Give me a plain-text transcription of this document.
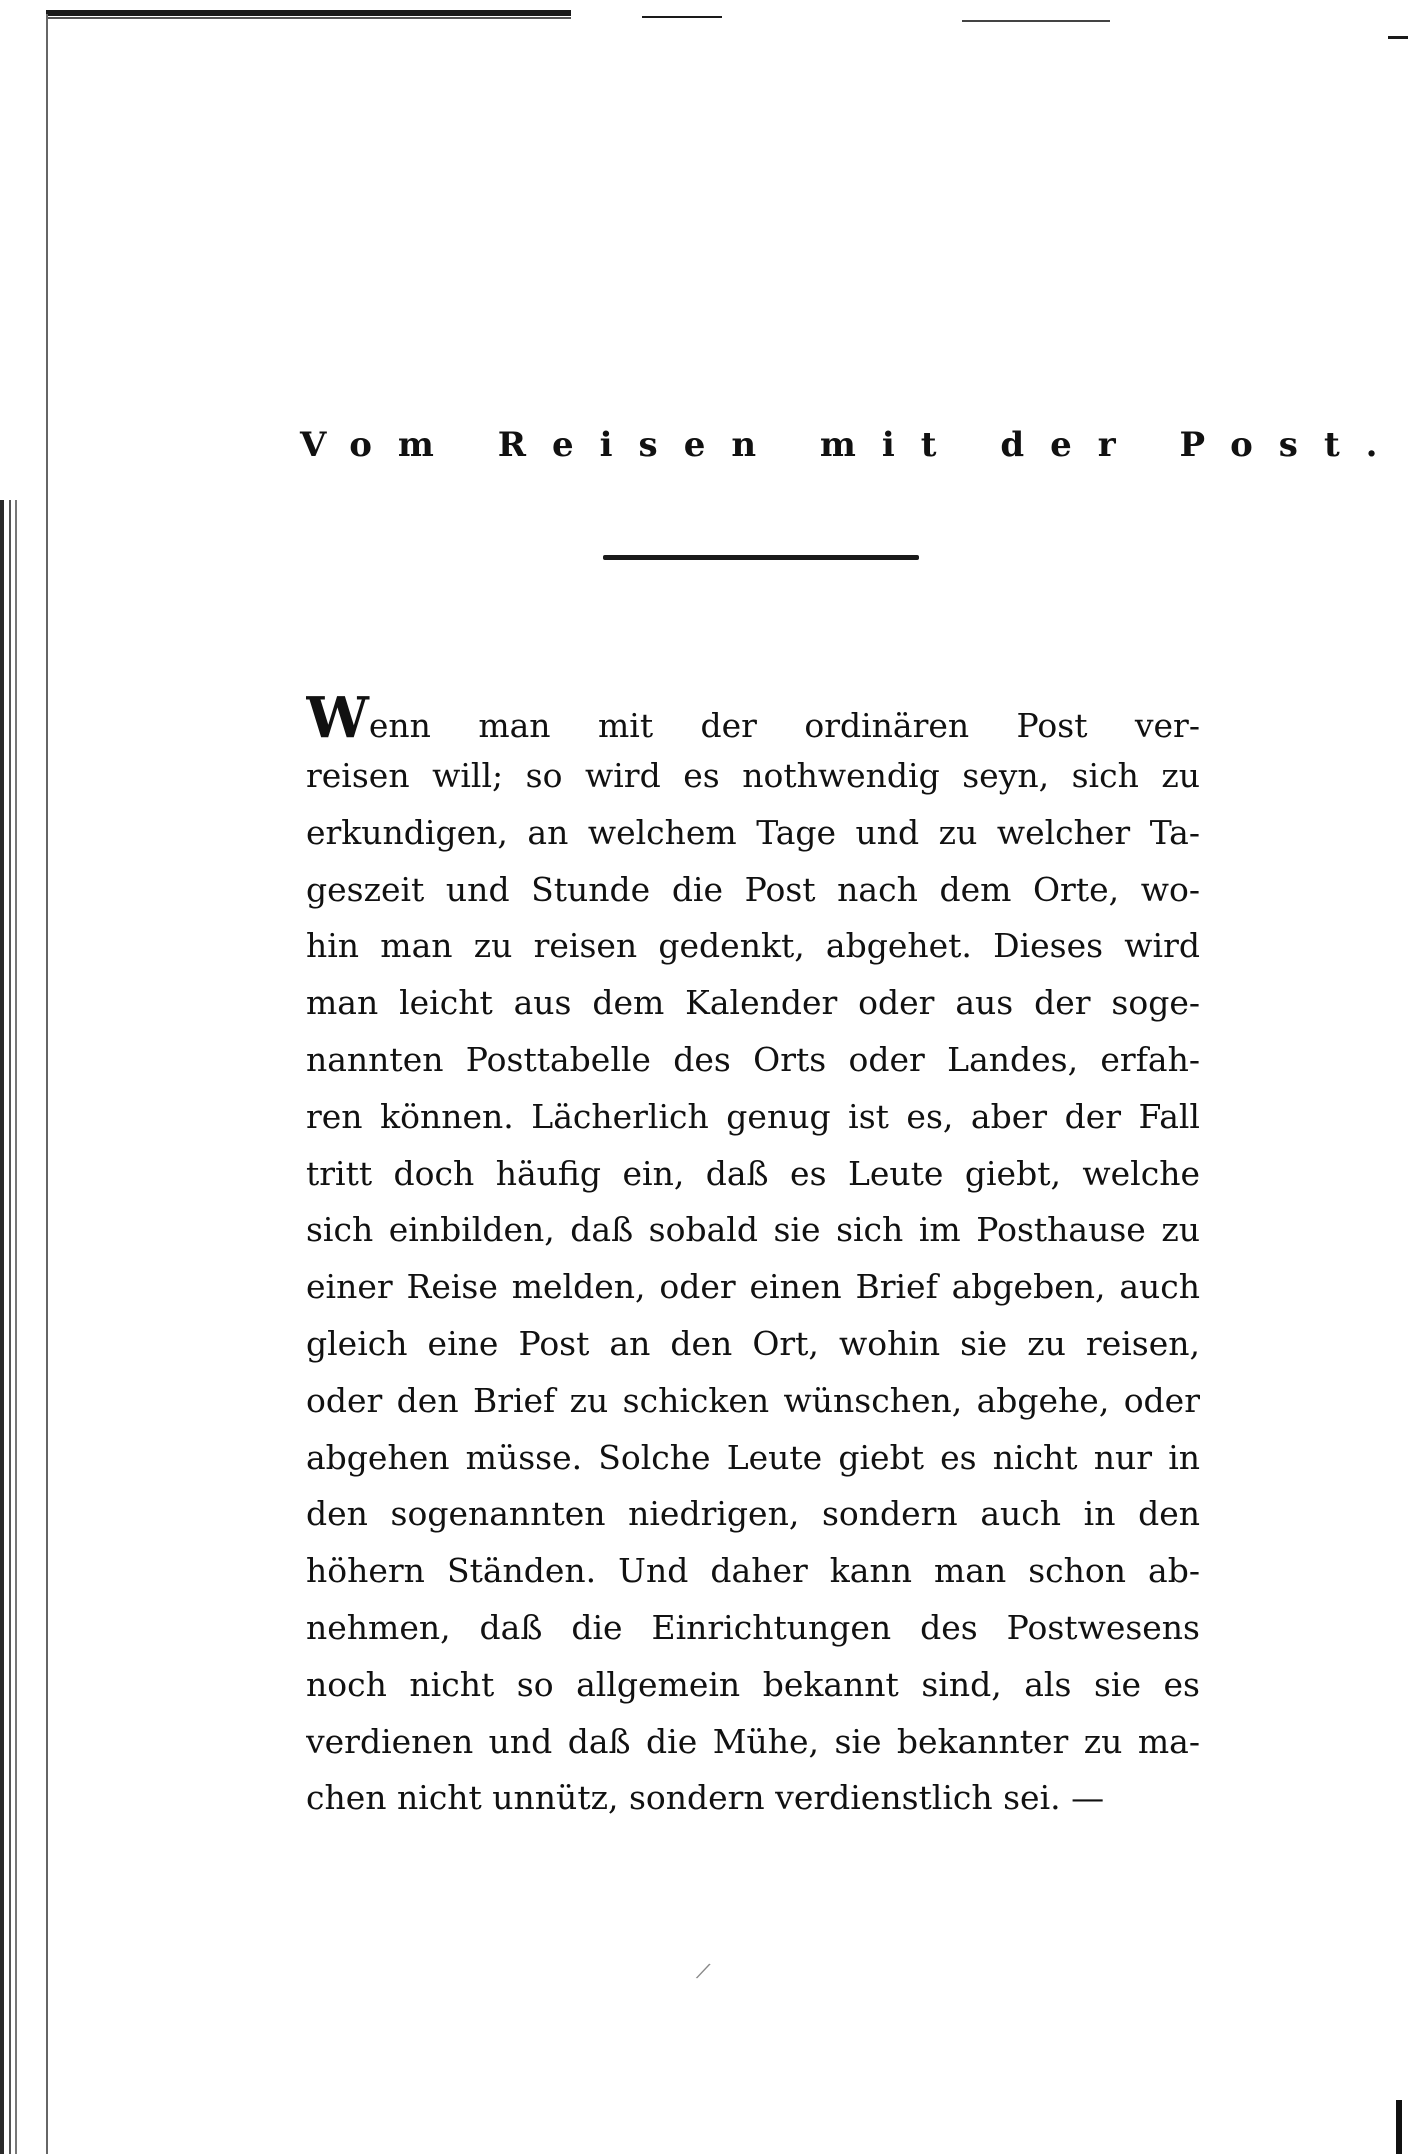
Vom Reisen mit der Post.
Wenn man mit der ordinären Post ver-
reisen will; so wird es nothwendig seyn, sich zu
erkundigen, an welchem Tage und zu welcher Ta-
geszeit und Stunde die Post nach dem Orte, wo-
hin man zu reisen gedenkt, abgehet. Dieses wird
man leicht aus dem Kalender oder aus der soge-
nannten Posttabelle des Orts oder Landes, erfah-
ren können. Lächerlich genug ist es, aber der Fall
tritt doch häufig ein, daß es Leute giebt, welche
sich einbilden, daß sobald sie sich im Posthause zu
einer Reise melden, oder einen Brief abgeben, auch
gleich eine Post an den Ort, wohin sie zu reisen,
oder den Brief zu schicken wünschen, abgehe, oder
abgehen müsse. Solche Leute giebt es nicht nur in
den sogenannten niedrigen, sondern auch in den
höhern Ständen. Und daher kann man schon ab-
nehmen, daß die Einrichtungen des Postwesens
noch nicht so allgemein bekannt sind, als sie es
verdienen und daß die Mühe, sie bekannter zu ma-
chen nicht unnütz, sondern verdienstlich sei. —
⁄
